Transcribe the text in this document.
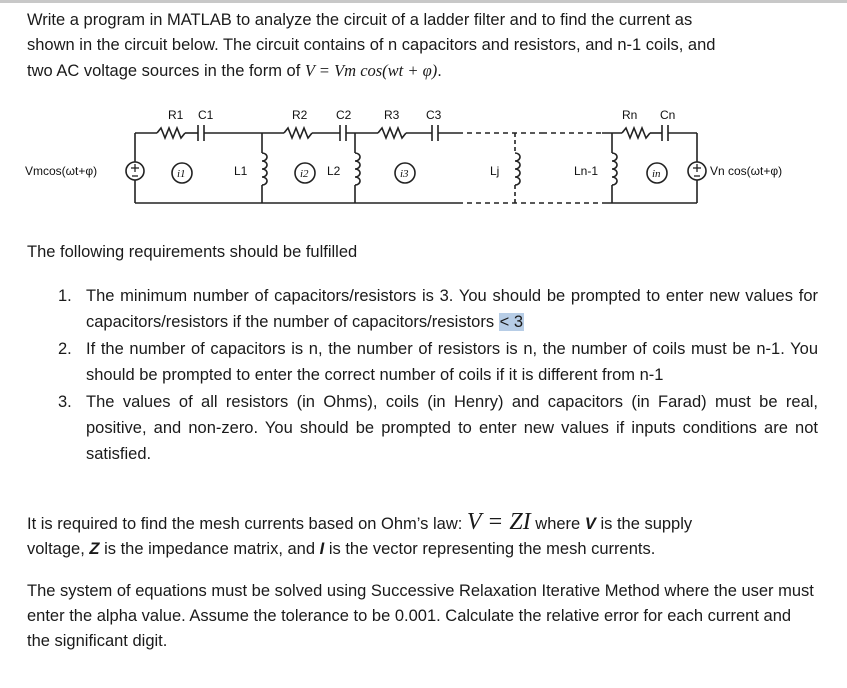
Write a program in MATLAB to analyze the circuit of a ladder filter and to find the current as
shown in the circuit below. The circuit contains of n capacitors and resistors, and n-1 coils, and
two AC voltage sources in the form of V = Vm cos(wt + φ).
R1 C1	R2 C2	R3 C3	Rn Cn
L1	L2	Lj	Ln-1
i1	i2	i3	in
Vmcos(ωt+φ)	Vn cos(ωt+φ)
The following requirements should be fulfilled
1. The minimum number of capacitors/resistors is 3. You should be prompted to enter new values for capacitors/resistors if the number of capacitors/resistors < 3
2. If the number of capacitors is n, the number of resistors is n, the number of coils must be n-1. You should be prompted to enter the correct number of coils if it is different from n-1
3. The values of all resistors (in Ohms), coils (in Henry) and capacitors (in Farad) must be real, positive, and non-zero. You should be prompted to enter new values if inputs conditions are not satisfied.
It is required to find the mesh currents based on Ohm’s law: V = ZI where V is the supply
voltage, Z is the impedance matrix, and I is the vector representing the mesh currents.
The system of equations must be solved using Successive Relaxation Iterative Method where the user must enter the alpha value. Assume the tolerance to be 0.001. Calculate the relative error for each current and the significant digit.
